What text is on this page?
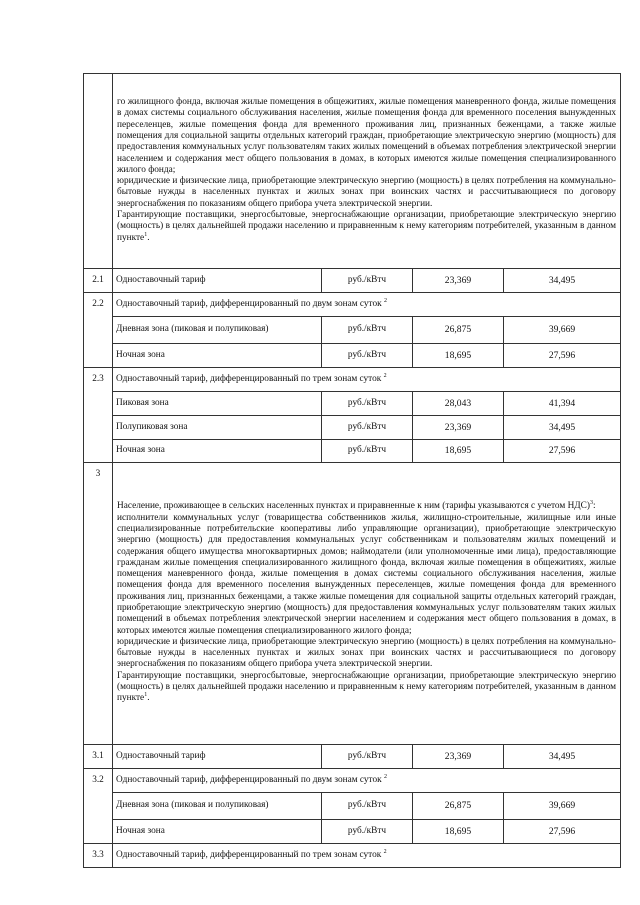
	го жилищного фонда, включая жилые помещения в общежитиях, жилые помещения маневренного фонда, жилые помещения в домах системы социального обслуживания населения, жилые помещения фонда для временного поселения вынужденных переселенцев, жилые помещения фонда для временного проживания лиц, признанных беженцами, а также жилые помещения для социальной защиты отдельных категорий граждан, приобретающие электрическую энергию (мощность) для предоставления коммунальных услуг пользователям таких жилых помещений в объемах потребления электрической энергии населением и содержания мест общего пользования в домах, в которых имеются жилые помещения специализированного жилого фонда;
юридические и физические лица, приобретающие электрическую энергию (мощность) в целях потребления на коммунально-бытовые нужды в населенных пунктах и жилых зонах при воинских частях и рассчитывающиеся по договору энергоснабжения по показаниям общего прибора учета электрической энергии.
Гарантирующие поставщики, энергосбытовые, энергоснабжающие организации, приобретающие электрическую энергию (мощность) в целях дальнейшей продажи населению и приравненным к нему категориям потребителей, указанным в данном пункте$^1$.			

2.1	Одноставочный тариф	руб./кВтч	23,369	34,495
2.2	Одноставочный тариф, дифференцированный по двум зонам суток $^2$
	Дневная зона (пиковая и полупиковая)	руб./кВтч	26,875	39,669
	Ночная зона	руб./кВтч	18,695	27,596
2.3	Одноставочный тариф, дифференцированный по трем зонам суток $^2$
	Пиковая зона	руб./кВтч	28,043	41,394
	Полупиковая зона	руб./кВтч	23,369	34,495
	Ночная зона	руб./кВтч	18,695	27,596
3	Население, проживающее в сельских населенных пунктах и приравненные к ним (тарифы указываются с учетом НДС)$^3$:
исполнители коммунальных услуг (товарищества собственников жилья, жилищно-строительные, жилищные или иные специализированные потребительские кооперативы либо управляющие организации), приобретающие электрическую энергию (мощность) для предоставления коммунальных услуг собственникам и пользователям жилых помещений и содержания общего имущества многоквартирных домов; наймодатели (или уполномоченные ими лица), предоставляющие гражданам жилые помещения специализированного жилищного фонда, включая жилые помещения в общежитиях, жилые помещения маневренного фонда, жилые помещения в домах системы социального обслуживания населения, жилые помещения фонда для временного поселения вынужденных переселенцев, жилые помещения фонда для временного проживания лиц, признанных беженцами, а также жилые помещения для социальной защиты отдельных категорий граждан, приобретающие электрическую энергию (мощность) для предоставления коммунальных услуг пользователям таких жилых помещений в объемах потребления электрической энергии населением и содержания мест общего пользования в домах, в которых имеются жилые помещения специализированного жилого фонда;
юридические и физические лица, приобретающие электрическую энергию (мощность) в целях потребления на коммунально-бытовые нужды в населенных пунктах и жилых зонах при воинских частях и рассчитывающиеся по договору энергоснабжения по показаниям общего прибора учета электрической энергии.
Гарантирующие поставщики, энергосбытовые, энергоснабжающие организации, приобретающие электрическую энергию (мощность) в целях дальнейшей продажи населению и приравненным к нему категориям потребителей, указанным в данном пункте$^1$.			

3.1	Одноставочный тариф	руб./кВтч	23,369	34,495
3.2	Одноставочный тариф, дифференцированный по двум зонам суток $^2$
	Дневная зона (пиковая и полупиковая)	руб./кВтч	26,875	39,669
	Ночная зона	руб./кВтч	18,695	27,596
3.3	Одноставочный тариф, дифференцированный по трем зонам суток $^2$
